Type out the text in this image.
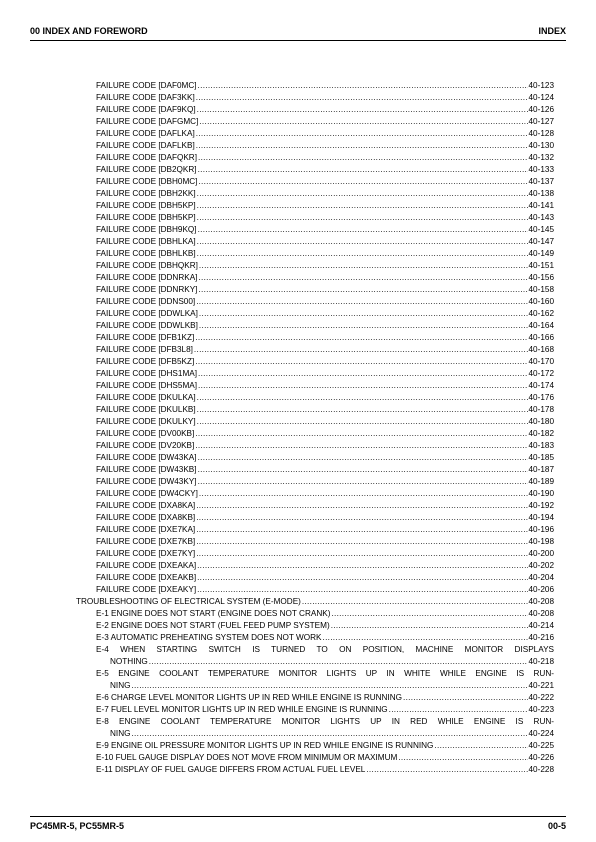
00 INDEX AND FOREWORD	INDEX
FAILURE CODE [DAF0MC] .....	40-123
FAILURE CODE [DAF3KK] .....	40-124
FAILURE CODE [DAF9KQ] .....	40-126
FAILURE CODE [DAFGMC] .....	40-127
FAILURE CODE [DAFLKA] .....	40-128
FAILURE CODE [DAFLKB] .....	40-130
FAILURE CODE [DAFQKR] .....	40-132
FAILURE CODE [DB2QKR] .....	40-133
FAILURE CODE [DBH0MC] .....	40-137
FAILURE CODE [DBH2KK] .....	40-138
FAILURE CODE [DBH5KP] .....	40-141
FAILURE CODE [DBH5KP] .....	40-143
FAILURE CODE [DBH9KQ] .....	40-145
FAILURE CODE [DBHLKA] .....	40-147
FAILURE CODE [DBHLKB] .....	40-149
FAILURE CODE [DBHQKR] .....	40-151
FAILURE CODE [DDNRKA] .....	40-156
FAILURE CODE [DDNRKY] .....	40-158
FAILURE CODE [DDNS00] .....	40-160
FAILURE CODE [DDWLKA] .....	40-162
FAILURE CODE [DDWLKB] .....	40-164
FAILURE CODE [DFB1KZ] .....	40-166
FAILURE CODE [DFB3L8] .....	40-168
FAILURE CODE [DFB5KZ] .....	40-170
FAILURE CODE [DHS1MA] .....	40-172
FAILURE CODE [DHS5MA] .....	40-174
FAILURE CODE [DKULKA] .....	40-176
FAILURE CODE [DKULKB] .....	40-178
FAILURE CODE [DKULKY] .....	40-180
FAILURE CODE [DV00KB] .....	40-182
FAILURE CODE [DV20KB] .....	40-183
FAILURE CODE [DW43KA] .....	40-185
FAILURE CODE [DW43KB] .....	40-187
FAILURE CODE [DW43KY] .....	40-189
FAILURE CODE [DW4CKY] .....	40-190
FAILURE CODE [DXA8KA] .....	40-192
FAILURE CODE [DXA8KB] .....	40-194
FAILURE CODE [DXE7KA] .....	40-196
FAILURE CODE [DXE7KB] .....	40-198
FAILURE CODE [DXE7KY] .....	40-200
FAILURE CODE [DXEAKA] .....	40-202
FAILURE CODE [DXEAKB] .....	40-204
FAILURE CODE [DXEAKY] .....	40-206
TROUBLESHOOTING OF ELECTRICAL SYSTEM (E-MODE) .....	40-208
E-1 ENGINE DOES NOT START (ENGINE DOES NOT CRANK) .....	40-208
E-2 ENGINE DOES NOT START (FUEL FEED PUMP SYSTEM) .....	40-214
E-3 AUTOMATIC PREHEATING SYSTEM DOES NOT WORK .....	40-216
E-4 WHEN STARTING SWITCH IS TURNED TO ON POSITION, MACHINE MONITOR DISPLAYS
NOTHING .....	40-218
E-5 ENGINE COOLANT TEMPERATURE MONITOR LIGHTS UP IN WHITE WHILE ENGINE IS RUN-
NING .....	40-221
E-6 CHARGE LEVEL MONITOR LIGHTS UP IN RED WHILE ENGINE IS RUNNING .....	40-222
E-7 FUEL LEVEL MONITOR LIGHTS UP IN RED WHILE ENGINE IS RUNNING .....	40-223
E-8 ENGINE COOLANT TEMPERATURE MONITOR LIGHTS UP IN RED WHILE ENGINE IS RUN-
NING .....	40-224
E-9 ENGINE OIL PRESSURE MONITOR LIGHTS UP IN RED WHILE ENGINE IS RUNNING .....	40-225
E-10 FUEL GAUGE DISPLAY DOES NOT MOVE FROM MINIMUM OR MAXIMUM .....	40-226
E-11 DISPLAY OF FUEL GAUGE DIFFERS FROM ACTUAL FUEL LEVEL .....	40-228
PC45MR-5, PC55MR-5	00-5
